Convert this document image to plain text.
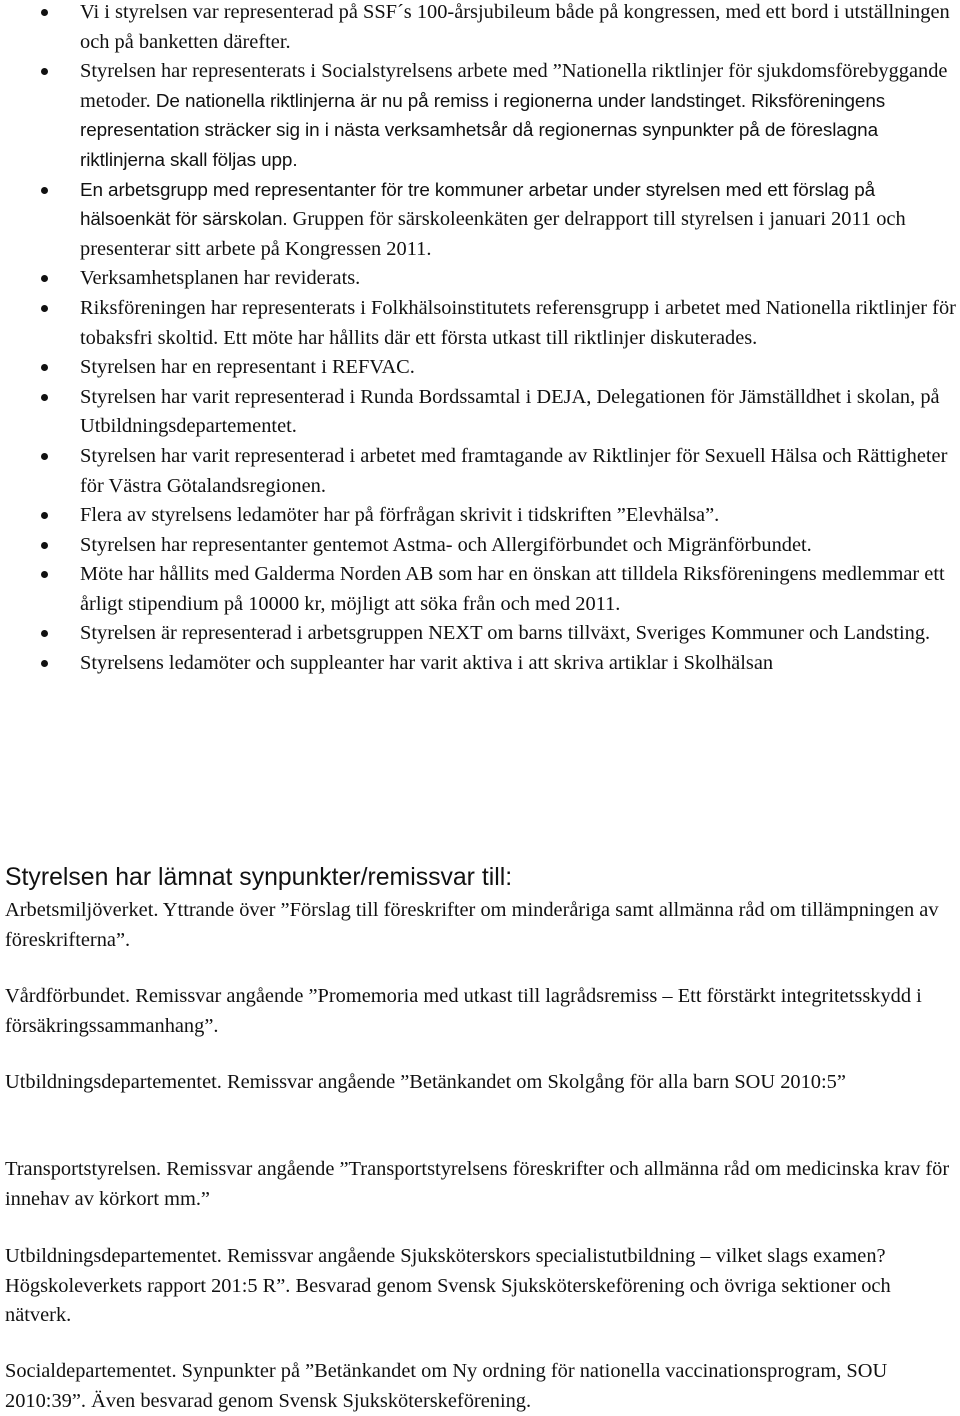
Vi i styrelsen var representerad på SSF´s 100-årsjubileum både på kongressen, med ett bord i utställningen och på banketten därefter.
Styrelsen har representerats i Socialstyrelsens arbete med ”Nationella riktlinjer för sjukdomsförebyggande metoder. De nationella riktlinjerna är nu på remiss i regionerna under landstinget. Riksföreningens representation sträcker sig in i nästa verksamhetsår då regionernas synpunkter på de föreslagna riktlinjerna skall följas upp.
En arbetsgrupp med representanter för tre kommuner arbetar under styrelsen med ett förslag på hälsoenkät för särskolan. Gruppen för särskoleenkäten ger delrapport till styrelsen i januari 2011 och presenterar sitt arbete på Kongressen 2011.
Verksamhetsplanen har reviderats.
Riksföreningen har representerats i Folkhälsoinstitutets referensgrupp i arbetet med Nationella riktlinjer för tobaksfri skoltid. Ett möte har hållits där ett första utkast till riktlinjer diskuterades.
Styrelsen har en representant i REFVAC.
Styrelsen har varit representerad i Runda Bordssamtal i DEJA, Delegationen för Jämställdhet i skolan, på Utbildningsdepartementet.
Styrelsen har varit representerad i arbetet med framtagande av Riktlinjer för Sexuell Hälsa och Rättigheter för Västra Götalandsregionen.
Flera av styrelsens ledamöter har på förfrågan skrivit i tidskriften ”Elevhälsa”.
Styrelsen har representanter gentemot Astma- och Allergiförbundet och Migränförbundet.
Möte har hållits med Galderma Norden AB som har en önskan att tilldela Riksföreningens medlemmar ett årligt stipendium på 10000 kr, möjligt att söka från och med 2011.
Styrelsen är representerad i arbetsgruppen NEXT om barns tillväxt, Sveriges Kommuner och Landsting.
Styrelsens ledamöter och suppleanter har varit aktiva i att skriva artiklar i Skolhälsan
Styrelsen har lämnat synpunkter/remissvar till:

Arbetsmiljöverket. Yttrande över ”Förslag till föreskrifter om minderåriga samt allmänna råd om tillämpningen av föreskrifterna”.

Vårdförbundet. Remissvar angående ”Promemoria med utkast till lagrådsremiss – Ett förstärkt integritetsskydd i försäkringssammanhang”.

Utbildningsdepartementet. Remissvar angående ”Betänkandet om Skolgång för alla barn SOU 2010:5”

Transportstyrelsen. Remissvar angående ”Transportstyrelsens föreskrifter och allmänna råd om medicinska krav för innehav av körkort mm.”

Utbildningsdepartementet. Remissvar angående Sjuksköterskors specialistutbildning – vilket slags examen? Högskoleverkets rapport 201:5 R”. Besvarad genom Svensk Sjuksköterskeförening och övriga sektioner och nätverk.

Socialdepartementet. Synpunkter på ”Betänkandet om Ny ordning för nationella vaccinationsprogram, SOU 2010:39”. Även besvarad genom Svensk Sjuksköterskeförening.
